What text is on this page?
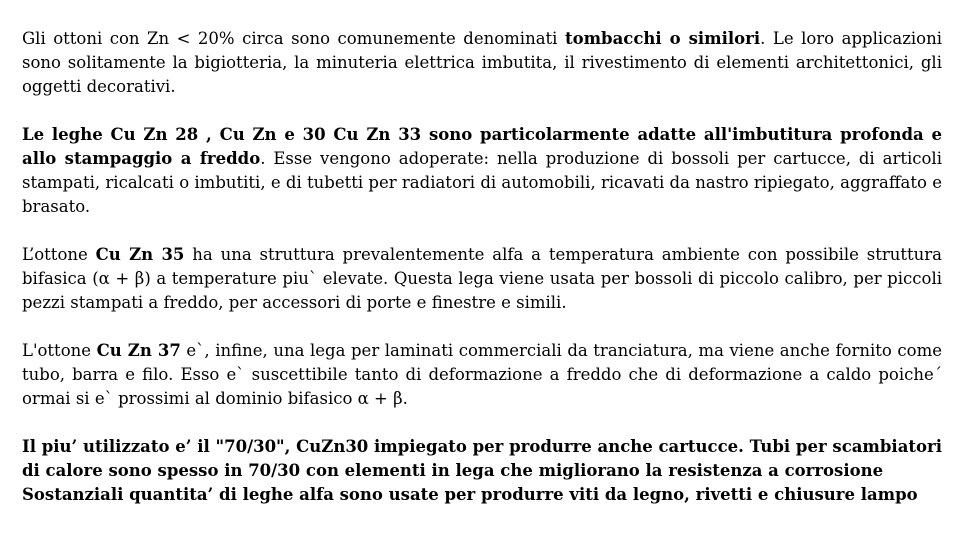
Gli ottoni con Zn < 20% circa sono comunemente denominati tombacchi o similori. Le loro applicazioni sono solitamente la bigiotteria, la minuteria elettrica imbutita, il rivestimento di elementi architettonici, gli oggetti decorativi.

Le leghe Cu Zn 28 , Cu Zn e 30 Cu Zn 33 sono particolarmente adatte all'imbutitura profonda e allo stampaggio a freddo. Esse vengono adoperate: nella produzione di bossoli per cartucce, di articoli stampati, ricalcati o imbutiti, e di tubetti per radiatori di automobili, ricavati da nastro ripiegato, aggraffato e brasato.

L’ottone Cu Zn 35 ha una struttura prevalentemente alfa a temperatura ambiente con possibile struttura bifasica (α + β) a temperature piu` elevate. Questa lega viene usata per bossoli di piccolo calibro, per piccoli pezzi stampati a freddo, per accessori di porte e finestre e simili.

L'ottone Cu Zn 37 e`, infine, una lega per laminati commerciali da tranciatura, ma viene anche fornito come tubo, barra e filo. Esso e` suscettibile tanto di deformazione a freddo che di deformazione a caldo poiche´ ormai si e` prossimi al dominio bifasico α + β.

Il piu’ utilizzato e’ il "70/30", CuZn30 impiegato per produrre anche cartucce. Tubi per scambiatori di calore sono spesso in 70/30 con elementi in lega che migliorano la resistenza a corrosione
Sostanziali quantita’ di leghe alfa sono usate per produrre viti da legno, rivetti e chiusure lampo
